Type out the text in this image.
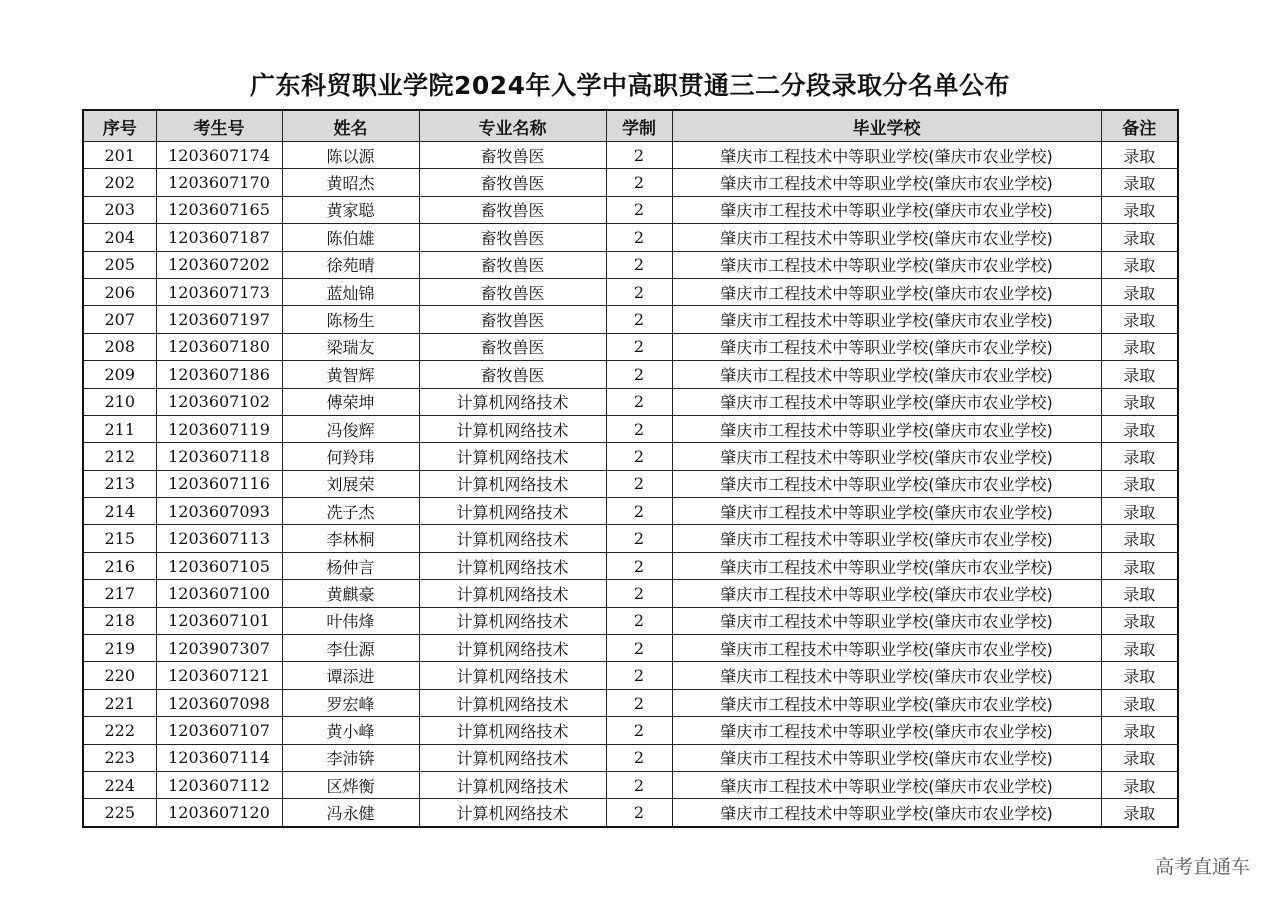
广东科贸职业学院2024年入学中高职贯通三二分段录取分名单公布
序号	考生号	姓名	专业名称	学制	毕业学校	备注
201	1203607174	陈以源	畜牧兽医	2	肇庆市工程技术中等职业学校(肇庆市农业学校)	录取
202	1203607170	黄昭杰	畜牧兽医	2	肇庆市工程技术中等职业学校(肇庆市农业学校)	录取
203	1203607165	黄家聪	畜牧兽医	2	肇庆市工程技术中等职业学校(肇庆市农业学校)	录取
204	1203607187	陈伯雄	畜牧兽医	2	肇庆市工程技术中等职业学校(肇庆市农业学校)	录取
205	1203607202	徐苑晴	畜牧兽医	2	肇庆市工程技术中等职业学校(肇庆市农业学校)	录取
206	1203607173	蓝灿锦	畜牧兽医	2	肇庆市工程技术中等职业学校(肇庆市农业学校)	录取
207	1203607197	陈杨生	畜牧兽医	2	肇庆市工程技术中等职业学校(肇庆市农业学校)	录取
208	1203607180	梁瑞友	畜牧兽医	2	肇庆市工程技术中等职业学校(肇庆市农业学校)	录取
209	1203607186	黄智辉	畜牧兽医	2	肇庆市工程技术中等职业学校(肇庆市农业学校)	录取
210	1203607102	傅荣坤	计算机网络技术	2	肇庆市工程技术中等职业学校(肇庆市农业学校)	录取
211	1203607119	冯俊辉	计算机网络技术	2	肇庆市工程技术中等职业学校(肇庆市农业学校)	录取
212	1203607118	何羚玮	计算机网络技术	2	肇庆市工程技术中等职业学校(肇庆市农业学校)	录取
213	1203607116	刘展荣	计算机网络技术	2	肇庆市工程技术中等职业学校(肇庆市农业学校)	录取
214	1203607093	冼子杰	计算机网络技术	2	肇庆市工程技术中等职业学校(肇庆市农业学校)	录取
215	1203607113	李林桐	计算机网络技术	2	肇庆市工程技术中等职业学校(肇庆市农业学校)	录取
216	1203607105	杨仲言	计算机网络技术	2	肇庆市工程技术中等职业学校(肇庆市农业学校)	录取
217	1203607100	黄麒豪	计算机网络技术	2	肇庆市工程技术中等职业学校(肇庆市农业学校)	录取
218	1203607101	叶伟烽	计算机网络技术	2	肇庆市工程技术中等职业学校(肇庆市农业学校)	录取
219	1203907307	李仕源	计算机网络技术	2	肇庆市工程技术中等职业学校(肇庆市农业学校)	录取
220	1203607121	谭添进	计算机网络技术	2	肇庆市工程技术中等职业学校(肇庆市农业学校)	录取
221	1203607098	罗宏峰	计算机网络技术	2	肇庆市工程技术中等职业学校(肇庆市农业学校)	录取
222	1203607107	黄小峰	计算机网络技术	2	肇庆市工程技术中等职业学校(肇庆市农业学校)	录取
223	1203607114	李沛锛	计算机网络技术	2	肇庆市工程技术中等职业学校(肇庆市农业学校)	录取
224	1203607112	区烨衡	计算机网络技术	2	肇庆市工程技术中等职业学校(肇庆市农业学校)	录取
225	1203607120	冯永健	计算机网络技术	2	肇庆市工程技术中等职业学校(肇庆市农业学校)	录取
高考直通车
